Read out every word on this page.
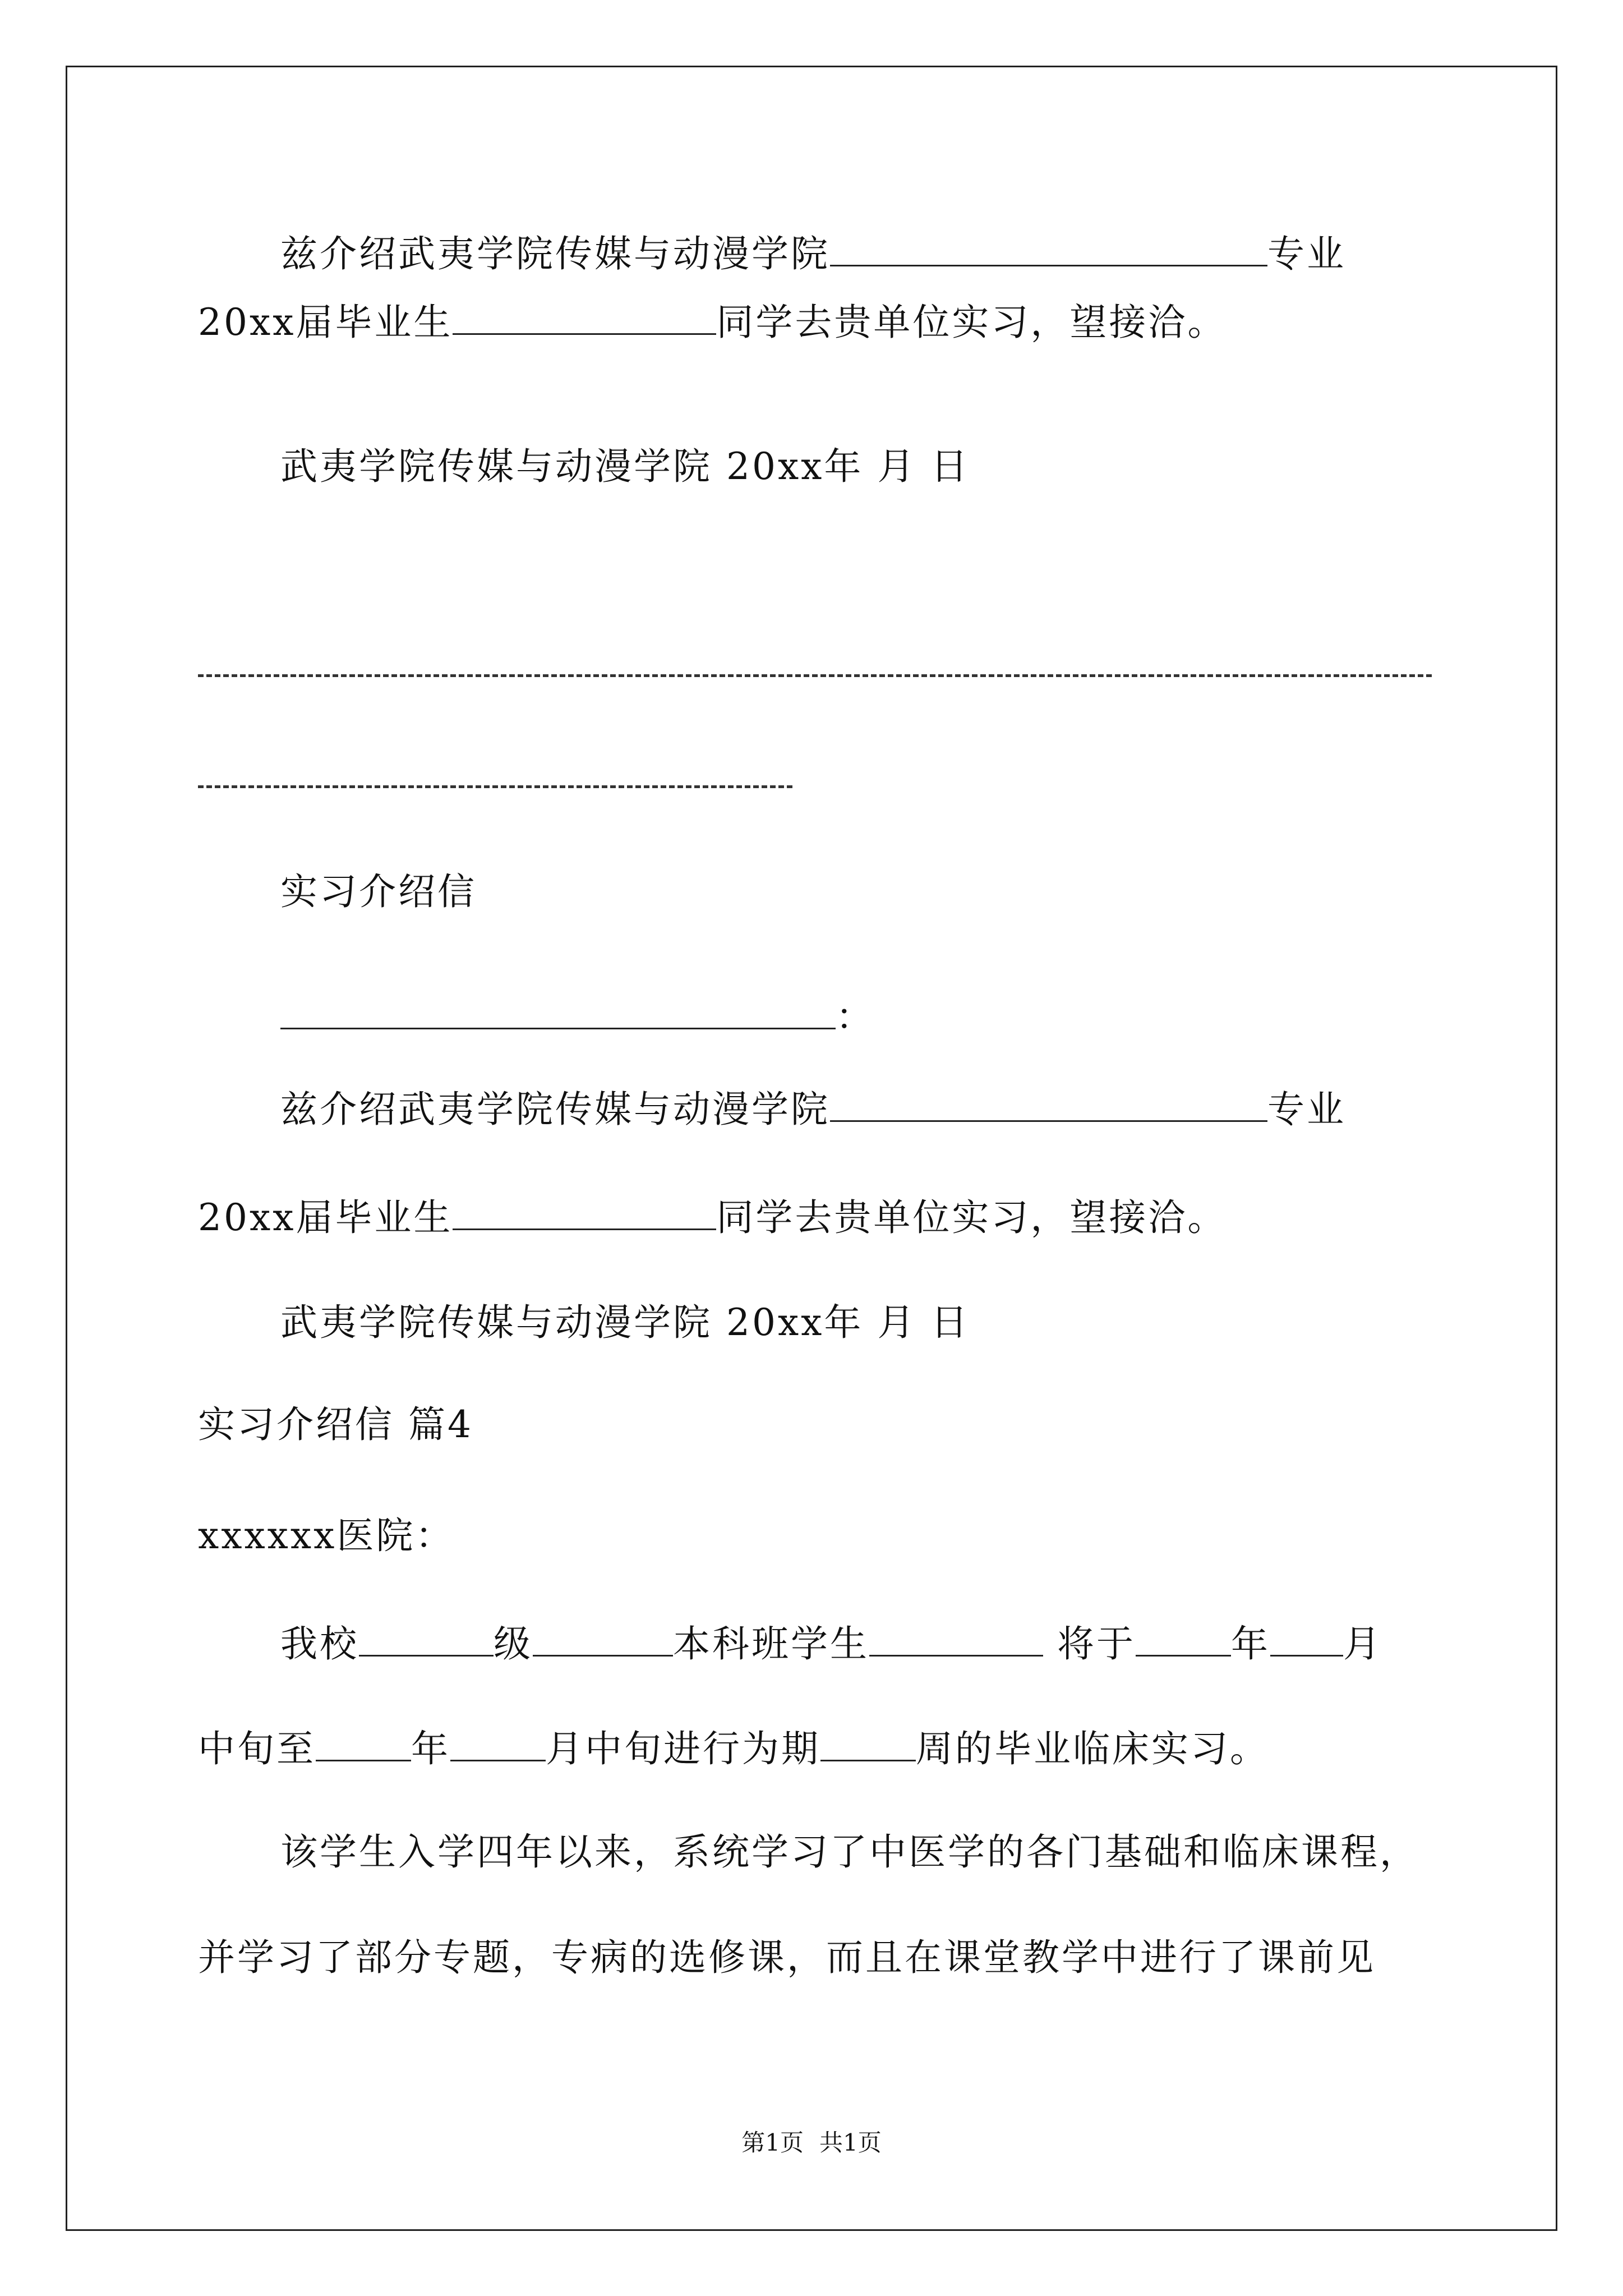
兹介绍武夷学院传媒与动漫学院	专业
20xx届毕业生	同学去贵单位实习，望接洽。
武夷学院传媒与动漫学院 20xx年 月 日
实习介绍信
：
兹介绍武夷学院传媒与动漫学院	专业
20xx届毕业生	同学去贵单位实习，望接洽。
武夷学院传媒与动漫学院 20xx年 月 日
实习介绍信 篇4
xxxxxx医院：
我校	级	本科班学生	将于	年 月
中旬至	年	月中旬进行为期	周的毕业临床实习。
该学生入学四年以来，系统学习了中医学的各门基础和临床课程，
并学习了部分专题，专病的选修课，而且在课堂教学中进行了课前见
第1页 共1页
